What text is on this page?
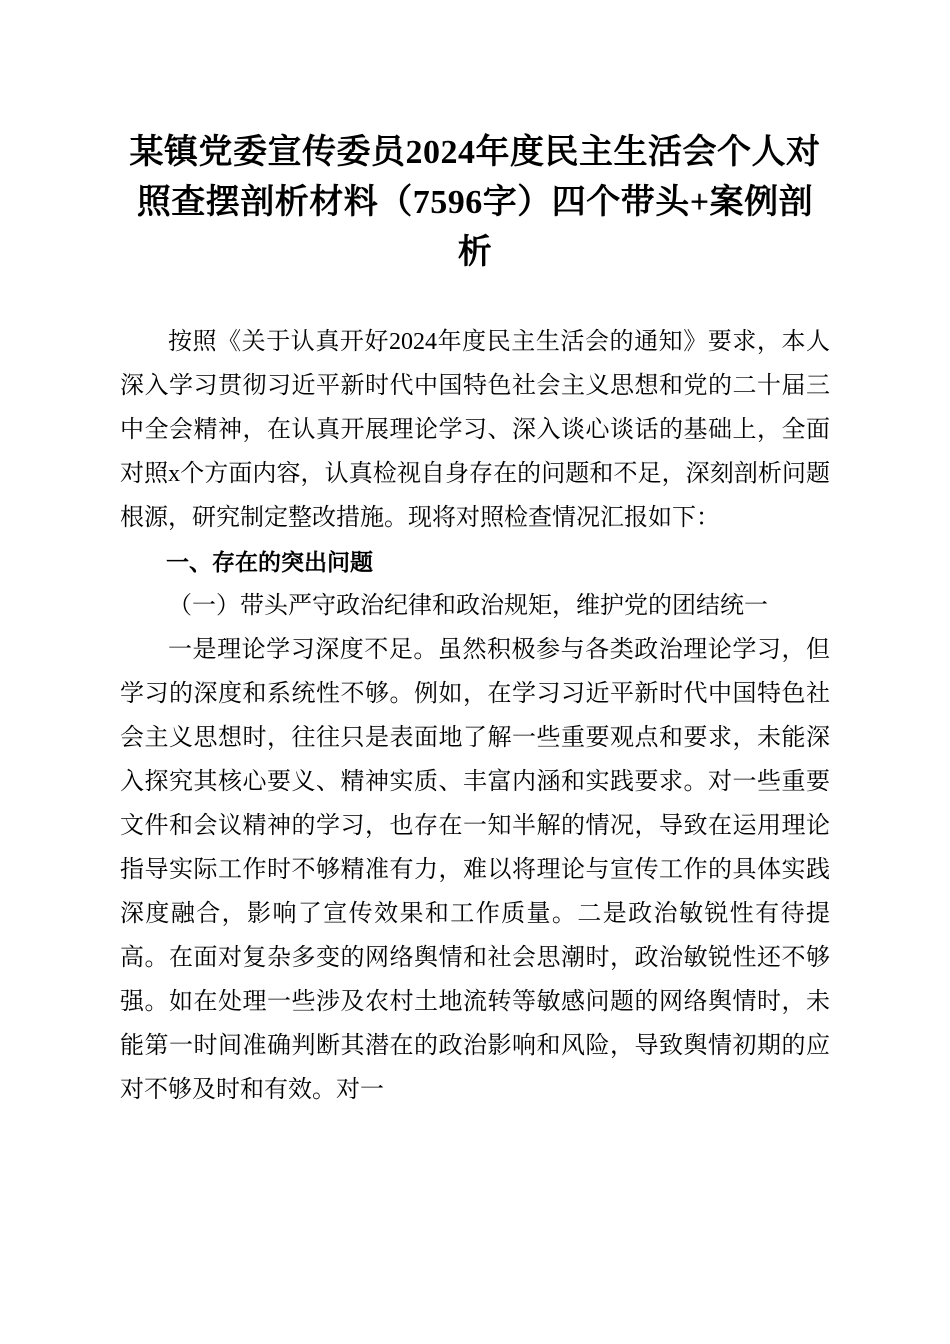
某镇党委宣传委员2024年度民主生活会个人对照查摆剖析材料（7596字）四个带头+案例剖析

按照《关于认真开好2024年度民主生活会的通知》要求，本人深入学习贯彻习近平新时代中国特色社会主义思想和党的二十届三中全会精神，在认真开展理论学习、深入谈心谈话的基础上，全面对照x个方面内容，认真检视自身存在的问题和不足，深刻剖析问题根源，研究制定整改措施。现将对照检查情况汇报如下：

一、存在的突出问题

（一）带头严守政治纪律和政治规矩，维护党的团结统一

一是理论学习深度不足。虽然积极参与各类政治理论学习，但学习的深度和系统性不够。例如，在学习习近平新时代中国特色社会主义思想时，往往只是表面地了解一些重要观点和要求，未能深入探究其核心要义、精神实质、丰富内涵和实践要求。对一些重要文件和会议精神的学习，也存在一知半解的情况，导致在运用理论指导实际工作时不够精准有力，难以将理论与宣传工作的具体实践深度融合，影响了宣传效果和工作质量。二是政治敏锐性有待提高。在面对复杂多变的网络舆情和社会思潮时，政治敏锐性还不够强。如在处理一些涉及农村土地流转等敏感问题的网络舆情时，未能第一时间准确判断其潜在的政治影响和风险，导致舆情初期的应对不够及时和有效。对一
